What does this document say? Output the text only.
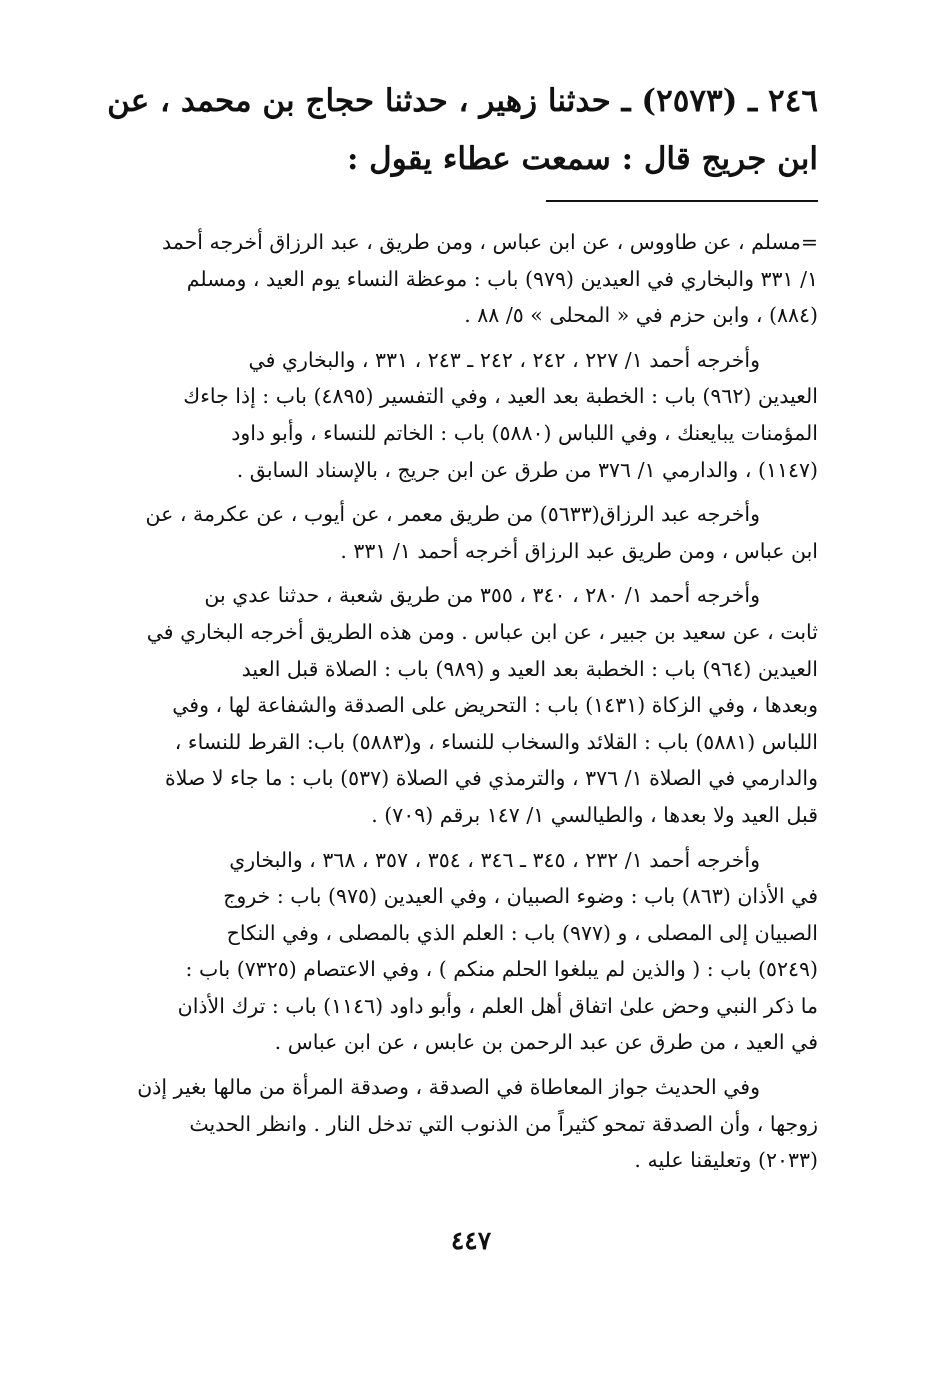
٢٤٦ ـ (٢٥٧٣) ـ حدثنا زهير ، حدثنا حجاج بن محمد ، عن
ابن جريج قال : سمعت عطاء يقول :
=مسلم ، عن طاووس ، عن ابن عباس ، ومن طريق ، عبد الرزاق أخرجه أحمد
١/ ٣٣١ والبخاري في العيدين (٩٧٩) باب : موعظة النساء يوم العيد ، ومسلم
(٨٨٤) ، وابن حزم في « المحلى » ٥/ ٨٨ .
وأخرجه أحمد ١/ ٢٢٧ ، ٢٤٢ ، ٢٤٢ ـ ٢٤٣ ، ٣٣١ ، والبخاري في
العيدين (٩٦٢) باب : الخطبة بعد العيد ، وفي التفسير (٤٨٩٥) باب : إذا جاءك
المؤمنات يبايعنك ، وفي اللباس (٥٨٨٠) باب : الخاتم للنساء ، وأبو داود
(١١٤٧) ، والدارمي ١/ ٣٧٦ من طرق عن ابن جريج ، بالإسناد السابق .
وأخرجه عبد الرزاق(٥٦٣٣) من طريق معمر ، عن أيوب ، عن عكرمة ، عن
ابن عباس ، ومن طريق عبد الرزاق أخرجه أحمد ١/ ٣٣١ .
وأخرجه أحمد ١/ ٢٨٠ ، ٣٤٠ ، ٣٥٥ من طريق شعبة ، حدثنا عدي بن
ثابت ، عن سعيد بن جبير ، عن ابن عباس . ومن هذه الطريق أخرجه البخاري في
العيدين (٩٦٤) باب : الخطبة بعد العيد و (٩٨٩) باب : الصلاة قبل العيد
وبعدها ، وفي الزكاة (١٤٣١) باب : التحريض على الصدقة والشفاعة لها ، وفي
اللباس (٥٨٨١) باب : القلائد والسخاب للنساء ، و(٥٨٨٣) باب: القرط للنساء ،
والدارمي في الصلاة ١/ ٣٧٦ ، والترمذي في الصلاة (٥٣٧) باب : ما جاء لا صلاة
قبل العيد ولا بعدها ، والطيالسي ١/ ١٤٧ برقم (٧٠٩) .
وأخرجه أحمد ١/ ٢٣٢ ، ٣٤٥ ـ ٣٤٦ ، ٣٥٤ ، ٣٥٧ ، ٣٦٨ ، والبخاري
في الأذان (٨٦٣) باب : وضوء الصبيان ، وفي العيدين (٩٧٥) باب : خروج
الصبيان إلى المصلى ، و (٩٧٧) باب : العلم الذي بالمصلى ، وفي النكاح
(٥٢٤٩) باب : ( والذين لم يبلغوا الحلم منكم ) ، وفي الاعتصام (٧٣٢٥) باب :
ما ذكر النبي وحض علىٰ اتفاق أهل العلم ، وأبو داود (١١٤٦) باب : ترك الأذان
في العيد ، من طرق عن عبد الرحمن بن عابس ، عن ابن عباس .
وفي الحديث جواز المعاطاة في الصدقة ، وصدقة المرأة من مالها بغير إذن
زوجها ، وأن الصدقة تمحو كثيراً من الذنوب التي تدخل النار . وانظر الحديث
(٢٠٣٣) وتعليقنا عليه .
٤٤٧
